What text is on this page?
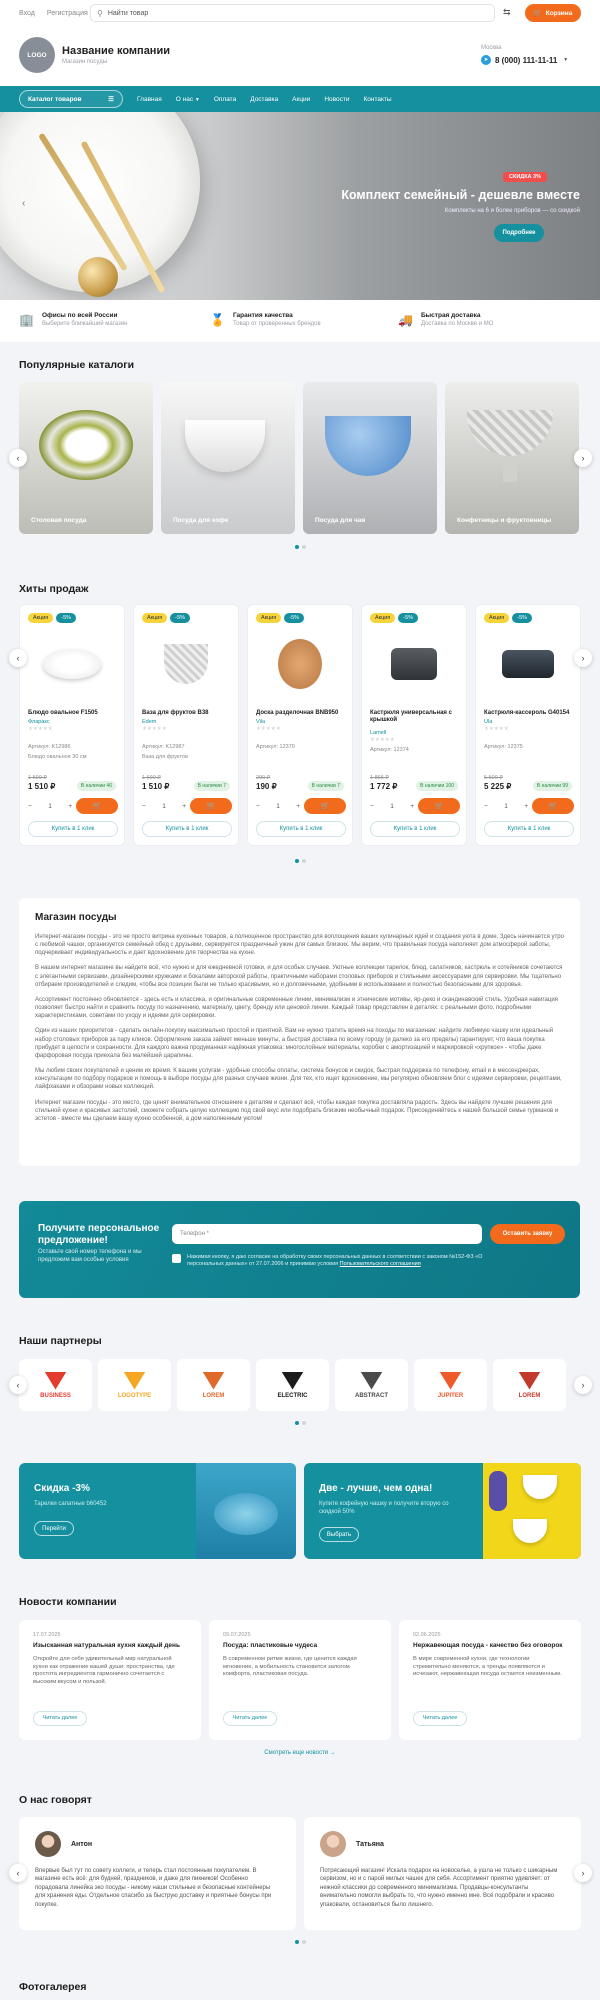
Вход Регистрация ⚲ Найти товар	⇆	🛒 Корзина
LOGO	Название компании
Магазин посуды
Москва
➤ 8 (000) 111-11-11 ▼
Каталог товаров	☰	Главная О нас ▼ Оплата Доставка Акции Новости Контакты
‹
СКИДКА 3%
Комплект семейный - дешевле вместе
Комплекты на 6 и более приборов — со скидкой
Подробнее
🏢 Офисы по всей России
Выберите ближайший магазин	🏅 Гарантия качества
Товар от проверенных брендов	🚚 Быстрая доставка
Доставка по Москве и МО
Популярные каталоги
Столовая посуда	Посуда для кофе	Посуда для чая	Конфетницы и фруктовницы
‹	›
Хиты продаж
Акция	-5%
Блюдо овальное F1505
Фларакс
★★★★★
Артикул: K12986
Блюдо овальное 30 см
1 590 ₽
1 510 ₽	В наличии 46
−	1	+	🛒
Купить в 1 клик
Акция	-5%
Ваза для фруктов B38
Edem
★★★★★
Артикул: K12987
Ваза для фруктов
1 590 ₽
1 510 ₽	В наличии 7
−	1	+	🛒
Купить в 1 клик
Акция	-5%
Доска разделочная BNB950
Vila
★★★★★
Артикул: 12370
200 ₽
190 ₽	В наличии 7
−	1	+	🛒
Купить в 1 клик
Акция	-5%
Кастрюля универсальная с крышкой
Lamell
★★★★★
Артикул: 12374
1 865 ₽
1 772 ₽	В наличии 100
−	1	+	🛒
Купить в 1 клик
Акция	-5%
Кастрюля-кассероль G40154
Ula
★★★★★
Артикул: 12375
5 500 ₽
5 225 ₽	В наличии 99
−	1	+	🛒
Купить в 1 клик
‹	›
Магазин посуды

Интернет-магазин посуды - это не просто витрина кухонных товаров, а полноценное пространство для воплощения ваших кулинарных идей и создания уюта в доме. Здесь начинается утро с любимой чашки, организуется семейный обед с друзьями, сервируется праздничный ужин для самых близких. Мы верим, что правильная посуда наполняет дом атмосферой заботы, подчеркивает индивидуальность и дает вдохновение для творчества на кухне.

В нашем интернет магазине вы найдете всё, что нужно и для ежедневной готовки, и для особых случаев. Уютные коллекции тарелок, блюд, салатников, кастрюль и сотейников сочетаются с элегантными сервизами, дизайнерскими кружками и бокалами авторской работы, практичными наборами столовых приборов и стильными аксессуарами для сервировки. Мы тщательно отбираем производителей и следим, чтобы все позиции были не только красивыми, но и долговечными, удобными в использовании и полностью безопасными для здоровья.

Ассортимент постоянно обновляется - здесь есть и классика, и оригинальные современные линии, минимализм и этнические мотивы, яр-деко и скандинавский стиль. Удобная навигация позволяет быстро найти и сравнить посуду по назначению, материалу, цвету, бренду или ценовой линии. Каждый товар представлен в деталях: с реальными фото, подробными характеристиками, советами по уходу и идеями для сервировки.

Один из наших приоритетов - сделать онлайн-покупку максимально простой и приятной. Вам не нужно тратить время на походы по магазинам: найдите любимую чашку или идеальный набор столовых приборов за пару кликов. Оформление заказа займет меньше минуты, а быстрая доставка по всему городу (и далеко за его пределы) гарантирует, что ваша покупка прибудет в целости и сохранности. Для каждого важна продуманная надёжная упаковка: многослойные материалы, коробки с амортизацией и маркировкой «хрупкое» - чтобы даже фарфоровая посуда приехала без малейшей царапины.

Мы любим своих покупателей и ценим их время. К вашим услугам - удобные способы оплаты, система бонусов и скидок, быстрая поддержка по телефону, email и в мессенджерах, консультации по подбору подарков и помощь в выборе посуды для разных случаев жизни. Для тех, кто ищет вдохновение, мы регулярно обновляем блог с идеями сервировки, рецептами, лайфхаками и обзорами новых коллекций.

Интернет магазин посуды - это место, где ценят внимательное отношение к деталям и сделают всё, чтобы каждая покупка доставляла радость. Здесь вы найдете лучшие решения для стильной кухни и красивых застолий, сможете собрать целую коллекцию под свой вкус или подобрать близким необычный подарок. Присоединяйтесь к нашей большой семье гурманов и эстетов - вместе мы сделаем вашу кухню особенной, а дом наполненным уютом!

Получите персональное предложение!
Оставьте свой номер телефона и мы предложим вам особые условия
Телефон *	Оставить заявку
Нажимая кнопку, я даю согласие на обработку своих персональных данных в соответствии с законом №152-ФЗ «О персональных данных» от 27.07.2006 и принимаю условия Пользовательского соглашения
Наши партнеры
BUSINESS	LOGOTYPE	LOREM	ELECTRIC	ABSTRACT	JUPITER	LOREM
‹	›
Скидка -3%
Тарелки сапатные b60452
Перейти
Две - лучше, чем одна!
Купите кофейную чашку и получите вторую со скидкой 50%
Выбрать
Новости компании
17.07.2025
Изысканная натуральная кухня каждый день
Откройте для себя удивительный мир натуральной кухни как отражение вашей души: пространства, где простота ингредиентов гармонично сочетается с высоким вкусом и пользой.
Читать далее
09.07.2025
Посуда: пластиковые чудеса
В современном ритме жизни, где ценится каждая мгновение, а мобильность становится залогом комфорта, пластиковая посуда.
Читать далее
02.06.2025
Нержавеющая посуда - качество без оговорок
В мире современной кухни, где технологии стремительно меняются, а тренды появляются и исчезают, нержавеющая посуда остается неизменным.
Читать далее
Смотреть еще новости →
О нас говорят
Антон
Впервые был тут по совету коллеги, и теперь стал постоянным покупателем. В магазине есть всё: для будней, праздников, и даже для пикников! Особенно порадовала линейка эко посуды - никому наши стильные и безопасные контейнеры для хранения еды. Отдельное спасибо за быструю доставку и приятные бонусы при покупке.
Татьяна
Потрясающий магазин! Искала подарок на новоселье, а ушла не только с шикарным сервизом, но и с парой милых чашек для себя. Ассортимент приятно удивляет: от нежной классики до современного минимализма. Продавцы-консультанты внимательно помогли выбрать то, что нужно именно мне. Всё подобрали и красиво упаковали, остановиться было лишнего.
‹	›
Фотогалерея
